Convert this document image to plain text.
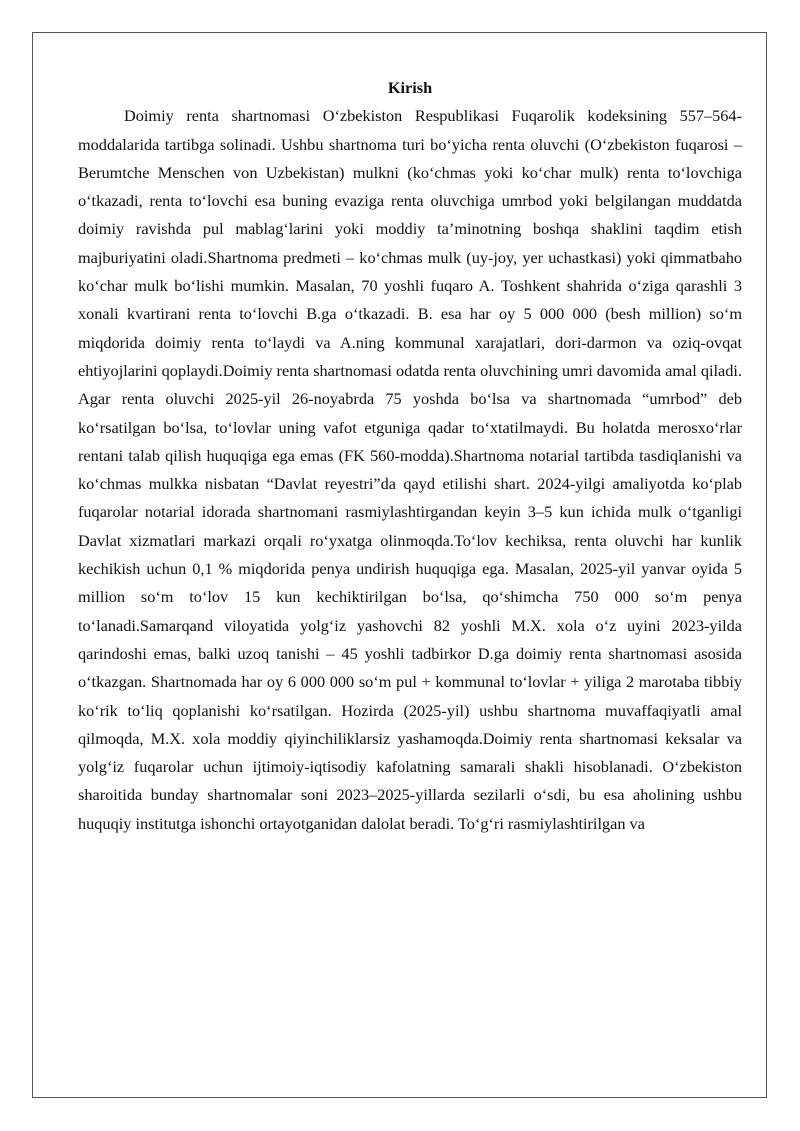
Kirish

Doimiy renta shartnomasi O‘zbekiston Respublikasi Fuqarolik kodeksining 557–564-moddalarida tartibga solinadi. Ushbu shartnoma turi bo‘yicha renta oluvchi (O‘zbekiston fuqarosi – Berumtche Menschen von Uzbekistan) mulkni (ko‘chmas yoki ko‘char mulk) renta to‘lovchiga o‘tkazadi, renta to‘lovchi esa buning evaziga renta oluvchiga umrbod yoki belgilangan muddatda doimiy ravishda pul mablag‘larini yoki moddiy ta’minotning boshqa shaklini taqdim etish majburiyatini oladi.Shartnoma predmeti – ko‘chmas mulk (uy-joy, yer uchastkasi) yoki qimmatbaho ko‘char mulk bo‘lishi mumkin. Masalan, 70 yoshli fuqaro A. Toshkent shahrida o‘ziga qarashli 3 xonali kvartirani renta to‘lovchi B.ga o‘tkazadi. B. esa har oy 5 000 000 (besh million) so‘m miqdorida doimiy renta to‘laydi va A.ning kommunal xarajatlari, dori-darmon va oziq-ovqat ehtiyojlarini qoplaydi.Doimiy renta shartnomasi odatda renta oluvchining umri davomida amal qiladi. Agar renta oluvchi 2025-yil 26-noyabrda 75 yoshda bo‘lsa va shartnomada “umrbod” deb ko‘rsatilgan bo‘lsa, to‘lovlar uning vafot etguniga qadar to‘xtatilmaydi. Bu holatda merosxo‘rlar rentani talab qilish huquqiga ega emas (FK 560-modda).Shartnoma notarial tartibda tasdiqlanishi va ko‘chmas mulkka nisbatan “Davlat reyestri”da qayd etilishi shart. 2024-yilgi amaliyotda ko‘plab fuqarolar notarial idorada shartnomani rasmiylashtirgandan keyin 3–5 kun ichida mulk o‘tganligi Davlat xizmatlari markazi orqali ro‘yxatga olinmoqda.To‘lov kechiksa, renta oluvchi har kunlik kechikish uchun 0,1 % miqdorida penya undirish huquqiga ega. Masalan, 2025-yil yanvar oyida 5 million so‘m to‘lov 15 kun kechiktirilgan bo‘lsa, qo‘shimcha 750 000 so‘m penya to‘lanadi.Samarqand viloyatida yolg‘iz yashovchi 82 yoshli M.X. xola o‘z uyini 2023-yilda qarindoshi emas, balki uzoq tanishi – 45 yoshli tadbirkor D.ga doimiy renta shartnomasi asosida o‘tkazgan. Shartnomada har oy 6 000 000 so‘m pul + kommunal to‘lovlar + yiliga 2 marotaba tibbiy ko‘rik to‘liq qoplanishi ko‘rsatilgan. Hozirda (2025-yil) ushbu shartnoma muvaffaqiyatli amal qilmoqda, M.X. xola moddiy qiyinchiliklarsiz yashamoqda.Doimiy renta shartnomasi keksalar va yolg‘iz fuqarolar uchun ijtimoiy-iqtisodiy kafolatning samarali shakli hisoblanadi. O‘zbekiston sharoitida bunday shartnomalar soni 2023–2025-yillarda sezilarli o‘sdi, bu esa aholining ushbu huquqiy institutga ishonchi ortayotganidan dalolat beradi. To‘g‘ri rasmiylashtirilgan va
